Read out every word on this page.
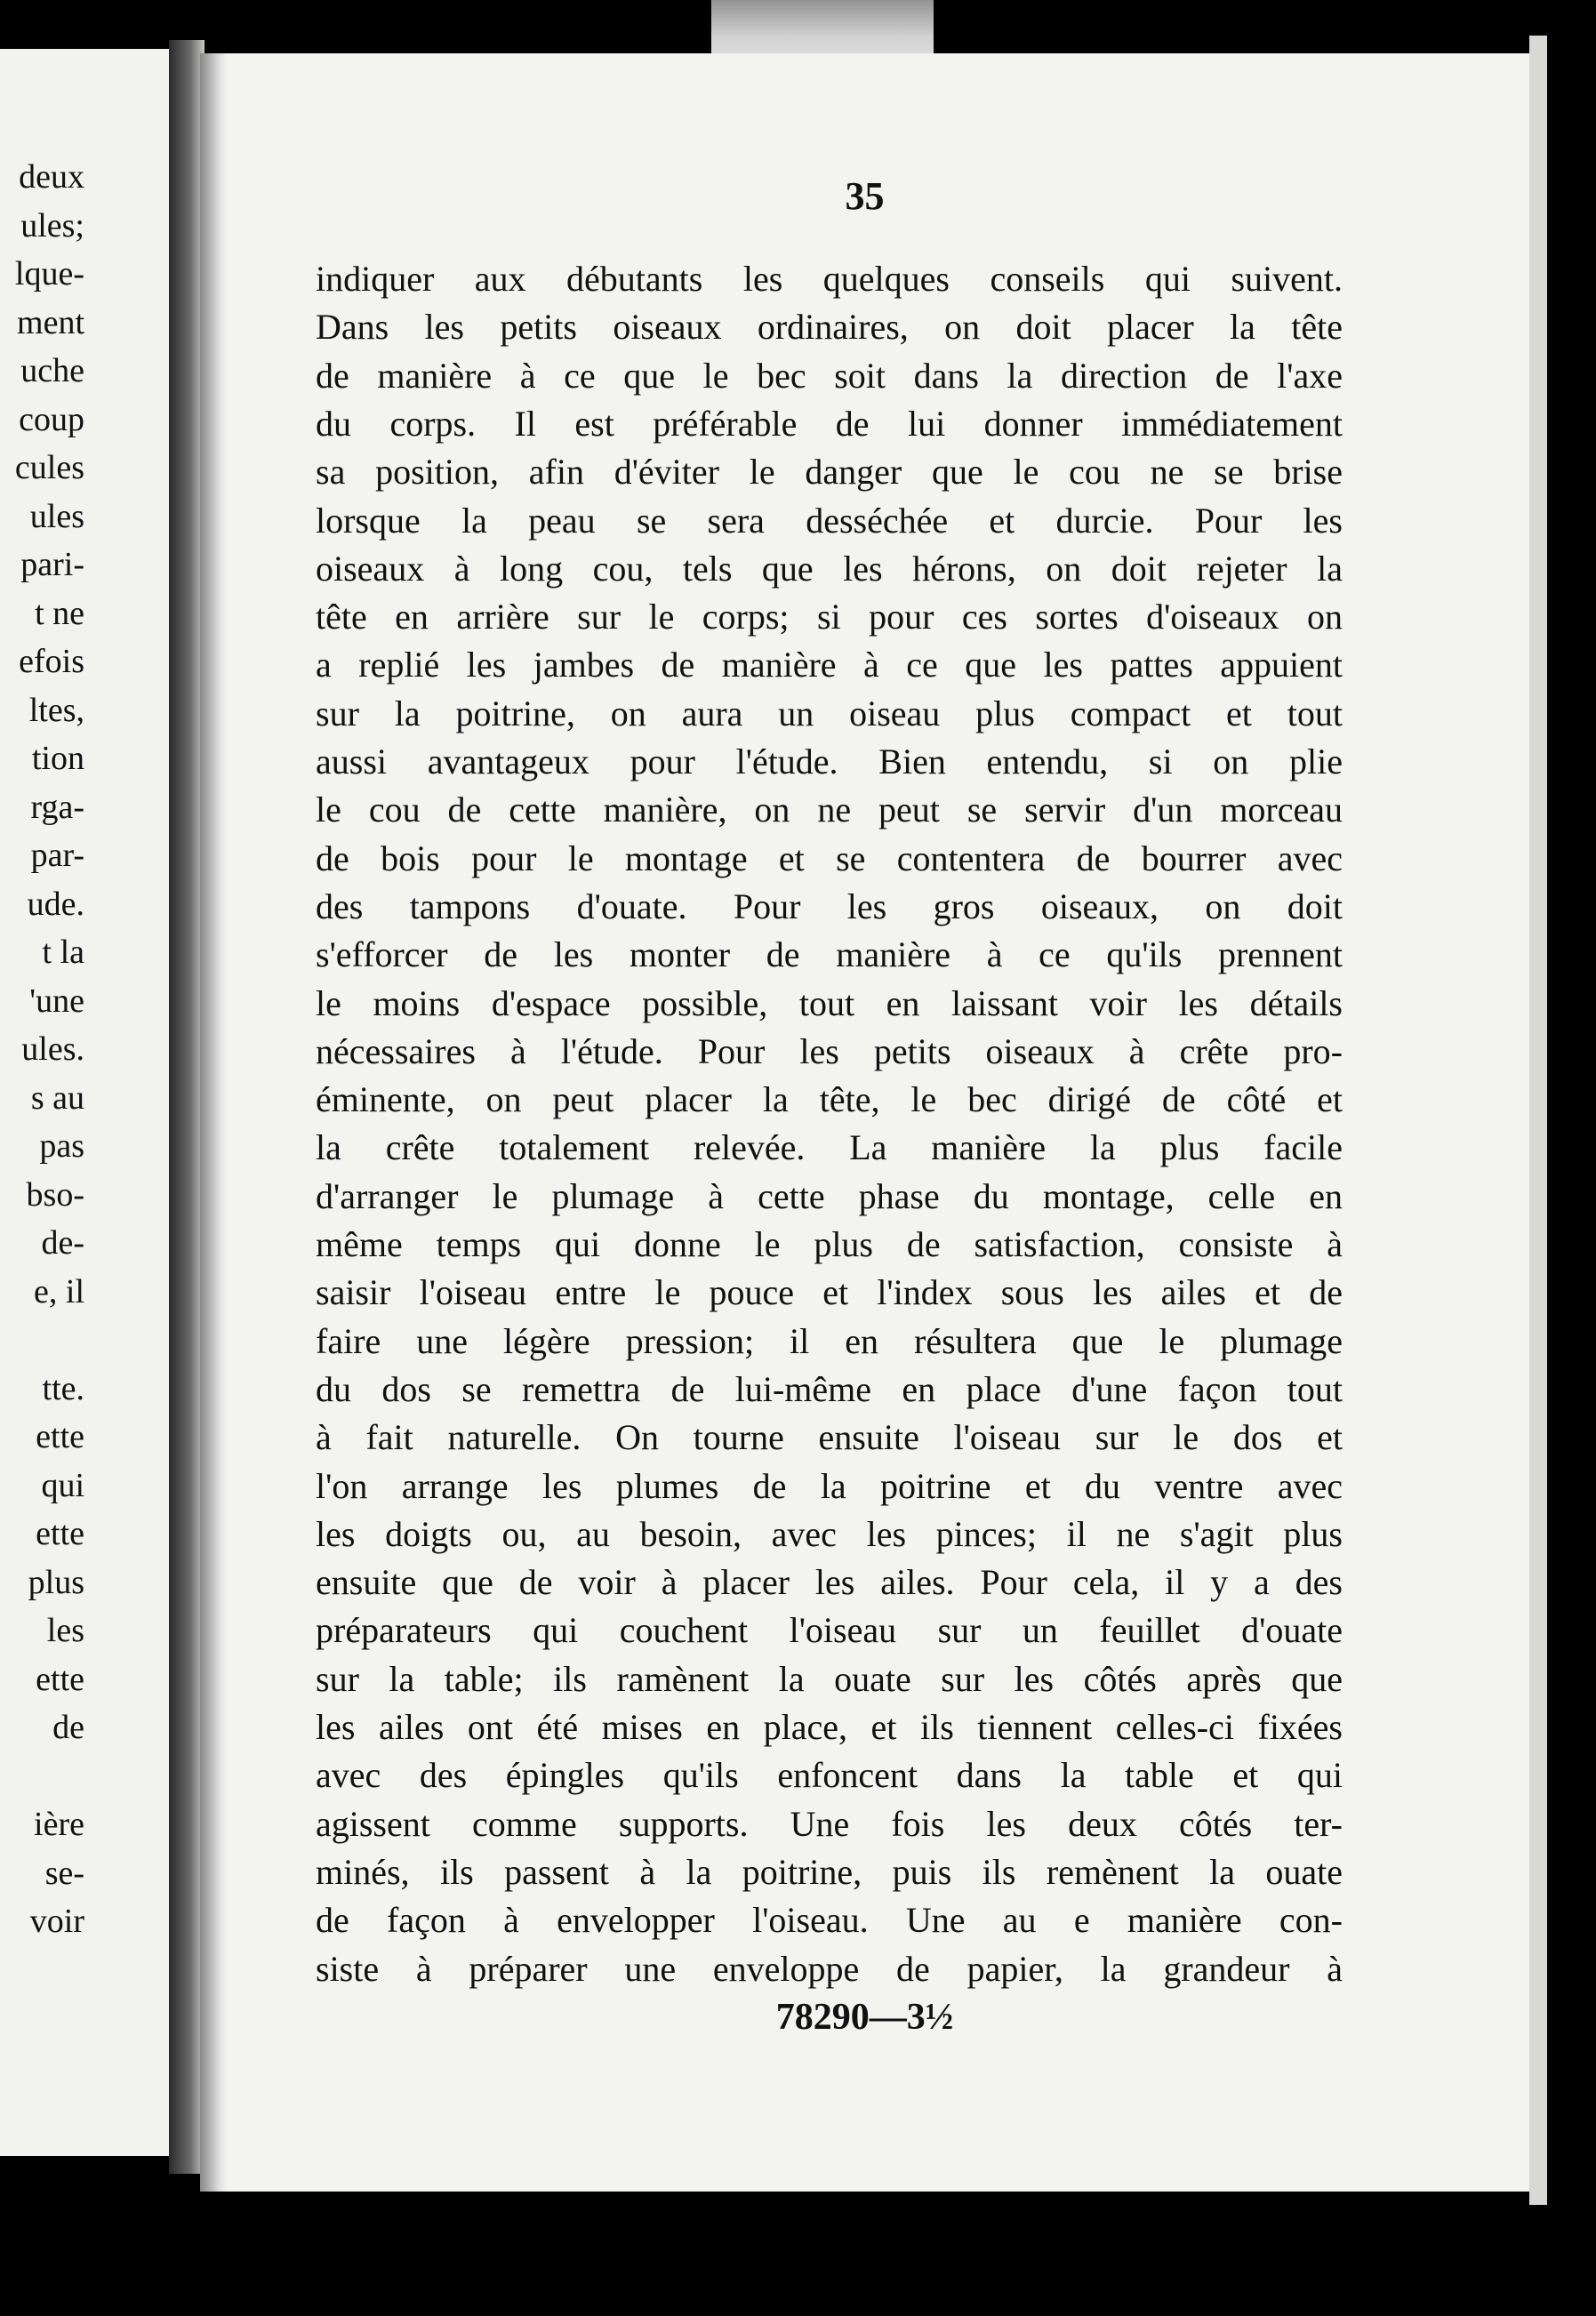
deux
ules;
lque-
ment
uche
coup
cules
ules
pari-
t ne
efois
ltes,
tion
rga-
par-
ude.
t la
'une
ules.
s au
pas
bso-
de-
e, il
tte.
ette
qui
ette
plus
les
ette
de
ière
se-
voir
35
indiquer aux débutants les quelques conseils qui suivent.
Dans les petits oiseaux ordinaires, on doit placer la tête
de manière à ce que le bec soit dans la direction de l'axe
du corps. Il est préférable de lui donner immédiatement
sa position, afin d'éviter le danger que le cou ne se brise
lorsque la peau se sera desséchée et durcie. Pour les
oiseaux à long cou, tels que les hérons, on doit rejeter la
tête en arrière sur le corps; si pour ces sortes d'oiseaux on
a replié les jambes de manière à ce que les pattes appuient
sur la poitrine, on aura un oiseau plus compact et tout
aussi avantageux pour l'étude. Bien entendu, si on plie
le cou de cette manière, on ne peut se servir d'un morceau
de bois pour le montage et se contentera de bourrer avec
des tampons d'ouate. Pour les gros oiseaux, on doit
s'efforcer de les monter de manière à ce qu'ils prennent
le moins d'espace possible, tout en laissant voir les détails
nécessaires à l'étude. Pour les petits oiseaux à crête pro-
éminente, on peut placer la tête, le bec dirigé de côté et
la crête totalement relevée. La manière la plus facile
d'arranger le plumage à cette phase du montage, celle en
même temps qui donne le plus de satisfaction, consiste à
saisir l'oiseau entre le pouce et l'index sous les ailes et de
faire une légère pression; il en résultera que le plumage
du dos se remettra de lui-même en place d'une façon tout
à fait naturelle. On tourne ensuite l'oiseau sur le dos et
l'on arrange les plumes de la poitrine et du ventre avec
les doigts ou, au besoin, avec les pinces; il ne s'agit plus
ensuite que de voir à placer les ailes. Pour cela, il y a des
préparateurs qui couchent l'oiseau sur un feuillet d'ouate
sur la table; ils ramènent la ouate sur les côtés après que
les ailes ont été mises en place, et ils tiennent celles-ci fixées
avec des épingles qu'ils enfoncent dans la table et qui
agissent comme supports. Une fois les deux côtés ter-
minés, ils passent à la poitrine, puis ils remènent la ouate
de façon à envelopper l'oiseau. Une au e manière con-
siste à préparer une enveloppe de papier, la grandeur à
78290—3½
